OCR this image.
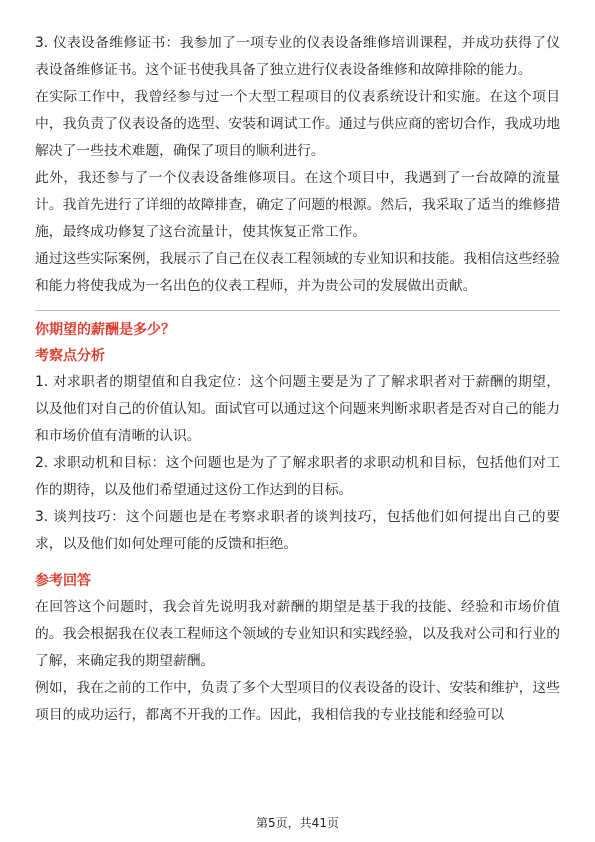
3. 仪表设备维修证书：我参加了一项专业的仪表设备维修培训课程，并成功获得了仪表设备维修证书。这个证书使我具备了独立进行仪表设备维修和故障排除的能力。

在实际工作中，我曾经参与过一个大型工程项目的仪表系统设计和实施。在这个项目中，我负责了仪表设备的选型、安装和调试工作。通过与供应商的密切合作，我成功地解决了一些技术难题，确保了项目的顺利进行。

此外，我还参与了一个仪表设备维修项目。在这个项目中，我遇到了一台故障的流量计。我首先进行了详细的故障排查，确定了问题的根源。然后，我采取了适当的维修措施，最终成功修复了这台流量计，使其恢复正常工作。

通过这些实际案例，我展示了自己在仪表工程领域的专业知识和技能。我相信这些经验和能力将使我成为一名出色的仪表工程师，并为贵公司的发展做出贡献。

你期望的薪酬是多少？

考察点分析

1. 对求职者的期望值和自我定位：这个问题主要是为了了解求职者对于薪酬的期望，以及他们对自己的价值认知。面试官可以通过这个问题来判断求职者是否对自己的能力和市场价值有清晰的认识。

2. 求职动机和目标：这个问题也是为了了解求职者的求职动机和目标，包括他们对工作的期待，以及他们希望通过这份工作达到的目标。

3. 谈判技巧：这个问题也是在考察求职者的谈判技巧，包括他们如何提出自己的要求，以及他们如何处理可能的反馈和拒绝。

参考回答

在回答这个问题时，我会首先说明我对薪酬的期望是基于我的技能、经验和市场价值的。我会根据我在仪表工程师这个领域的专业知识和实践经验，以及我对公司和行业的了解，来确定我的期望薪酬。

例如，我在之前的工作中，负责了多个大型项目的仪表设备的设计、安装和维护，这些项目的成功运行，都离不开我的工作。因此，我相信我的专业技能和经验可以

第5页，共41页
